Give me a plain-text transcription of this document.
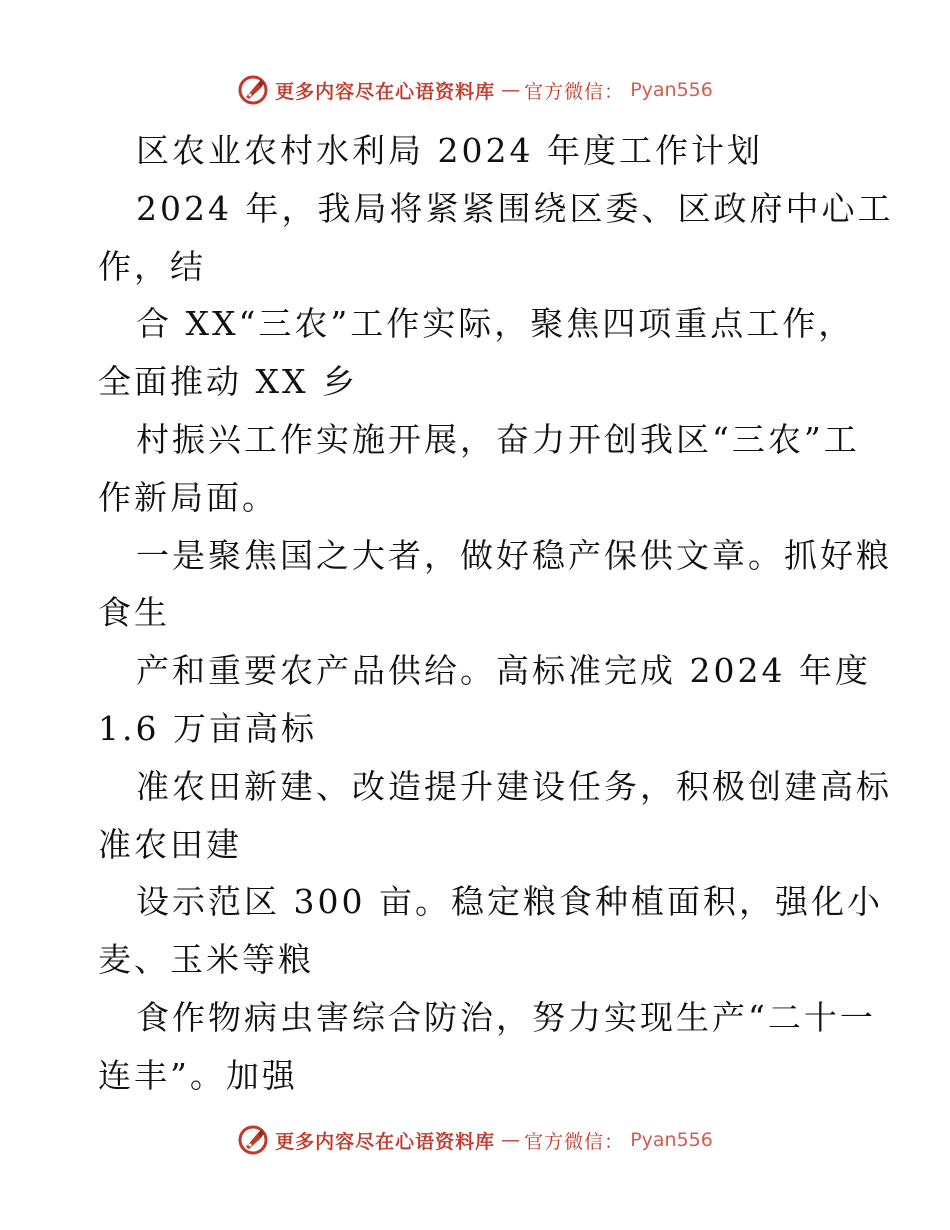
更多内容尽在心语资料库 — 官方微信： Pyan556
区农业农村水利局 2024 年度工作计划
2024 年，我局将紧紧围绕区委、区政府中心工
作，结
合 XX“三农”工作实际，聚焦四项重点工作，
全面推动 XX 乡
村振兴工作实施开展，奋力开创我区“三农”工
作新局面。
一是聚焦国之大者，做好稳产保供文章。抓好粮
食生
产和重要农产品供给。高标准完成 2024 年度
1.6 万亩高标
准农田新建、改造提升建设任务，积极创建高标
准农田建
设示范区 300 亩。稳定粮食种植面积，强化小
麦、玉米等粮
食作物病虫害综合防治，努力实现生产“二十一
连丰”。加强
更多内容尽在心语资料库 — 官方微信： Pyan556
